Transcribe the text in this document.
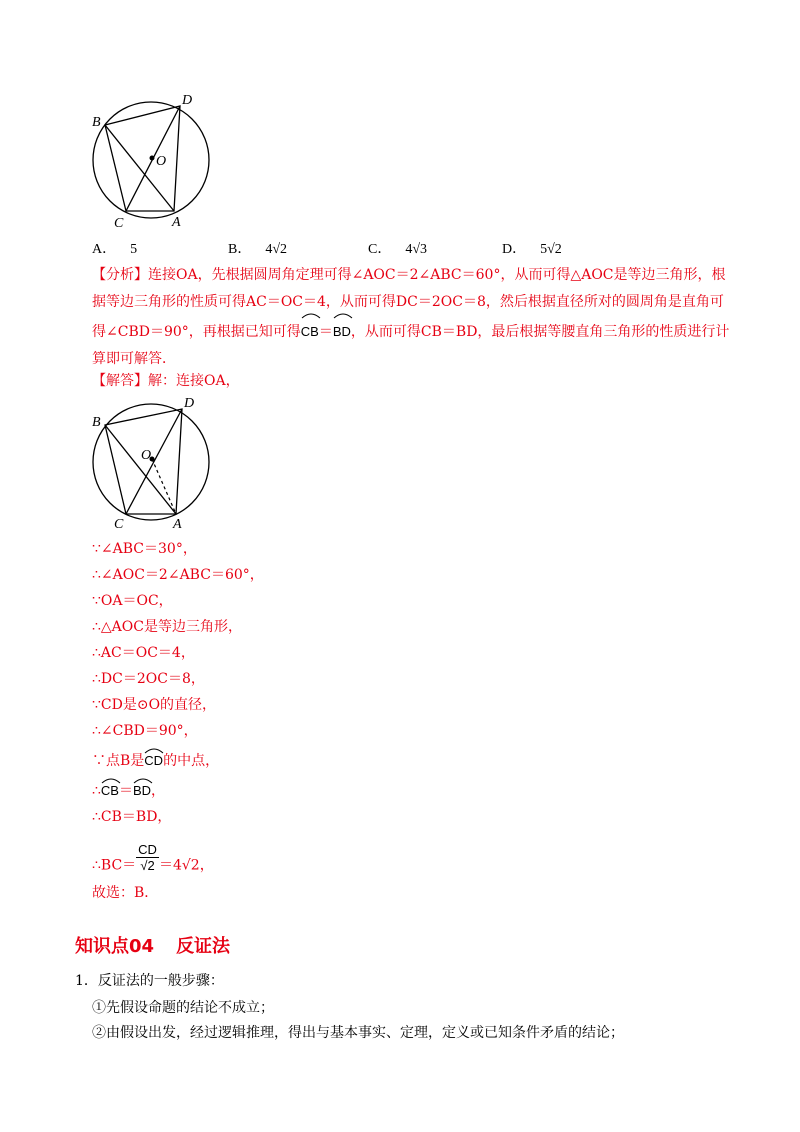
B
D
O
C	A
A． 5	B． 4√2	C． 4√3	D． 5√2
【分析】连接OA，先根据圆周角定理可得∠AOC＝2∠ABC＝60°，从而可得△AOC是等边三角形，根据等边三角形的性质可得AC＝OC＝4，从而可得DC＝2OC＝8，然后根据直径所对的圆周角是直角可得∠CBD＝90°，再根据已知可得
CB＝
BD，从而可得CB＝BD，最后根据等腰直角三角形的性质进行计算即可解答．
【解答】解：连接OA，
B
D
O
C	A
∵∠ABC＝30°，
∴∠AOC＝2∠ABC＝60°，
∵OA＝OC，
∴△AOC是等边三角形，
∴AC＝OC＝4，
∴DC＝2OC＝8，
∵CD是⊙O的直径，
∴∠CBD＝90°，
∵点B是
CD的中点，
∴
CB＝
BD，
∴CB＝BD，
∴BC＝ $\frac{CD}{√2} =4√2$，
故选：B．
知识点04 反证法
1．反证法的一般步骤：
①先假设命题的结论不成立；
②由假设出发，经过逻辑推理，得出与基本事实、定理，定义或已知条件矛盾的结论；
